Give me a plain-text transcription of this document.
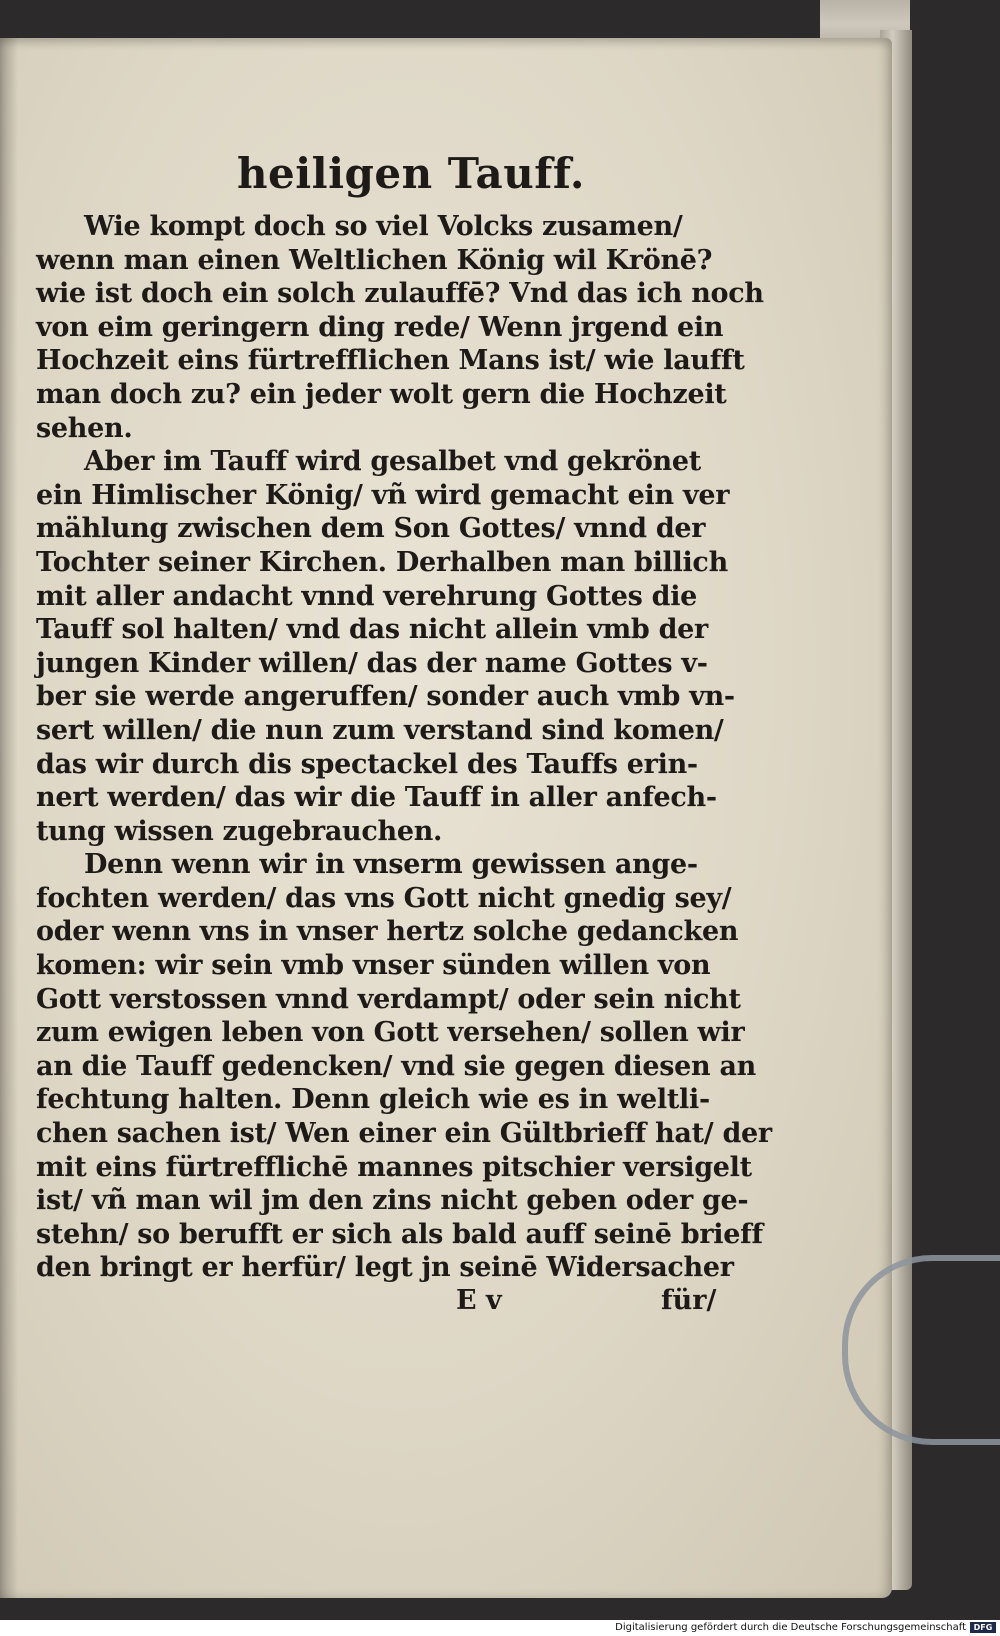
heiligen Tauff.
Wie kompt doch so viel Volcks zusamen/
wenn man einen Weltlichen König wil Krönē?
wie ist doch ein solch zulauffē? Vnd das ich noch
von eim geringern ding rede/ Wenn jrgend ein
Hochzeit eins fürtrefflichen Mans ist/ wie laufft
man doch zu? ein jeder wolt gern die Hochzeit
sehen.
Aber im Tauff wird gesalbet vnd gekrönet
ein Himlischer König/ vñ wird gemacht ein ver
mählung zwischen dem Son Gottes/ vnnd der
Tochter seiner Kirchen. Derhalben man billich
mit aller andacht vnnd verehrung Gottes die
Tauff sol halten/ vnd das nicht allein vmb der
jungen Kinder willen/ das der name Gottes v-
ber sie werde angeruffen/ sonder auch vmb vn-
sert willen/ die nun zum verstand sind komen/
das wir durch dis spectackel des Tauffs erin-
nert werden/ das wir die Tauff in aller anfech-
tung wissen zugebrauchen.
Denn wenn wir in vnserm gewissen ange-
fochten werden/ das vns Gott nicht gnedig sey/
oder wenn vns in vnser hertz solche gedancken
komen: wir sein vmb vnser sünden willen von
Gott verstossen vnnd verdampt/ oder sein nicht
zum ewigen leben von Gott versehen/ sollen wir
an die Tauff gedencken/ vnd sie gegen diesen an
fechtung halten. Denn gleich wie es in weltli-
chen sachen ist/ Wen einer ein Gültbrieff hat/ der
mit eins fürtrefflichē mannes pitschier versigelt
ist/ vñ man wil jm den zins nicht geben oder ge-
stehn/ so berufft er sich als bald auff seinē brieff
den bringt er herfür/ legt jn seinē Widersacher
E v	für/
Digitalisierung gefördert durch die Deutsche Forschungsgemeinschaft DFG
